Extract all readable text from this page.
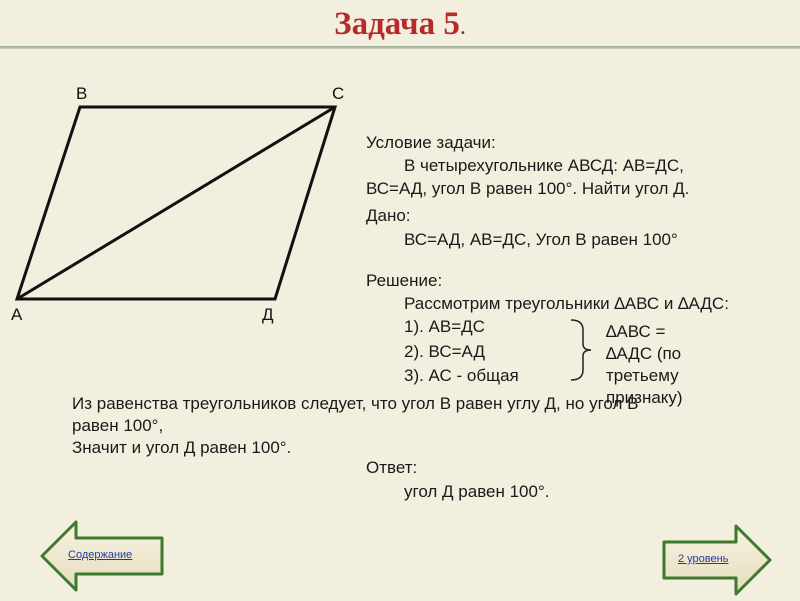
Задача 5.
В	С
А	Д
Условие задачи:
В четырехугольнике АВСД: АВ=ДС,
ВС=АД, угол В равен 100°. Найти угол Д.
Дано:
ВС=АД, АВ=ДС, Угол В равен 100°
Решение:
Рассмотрим треугольники ∆АВС и ∆АДС:
1). АВ=ДС
2). ВС=АД
3). АС - общая
∆АВС =
∆АДС (по
третьему
признаку)
Из равенства треугольников следует, что угол В равен углу Д, но угол В
равен 100°,
Значит и угол Д равен 100°.
Ответ:
угол Д равен 100°.
Содержание	2 уровень
